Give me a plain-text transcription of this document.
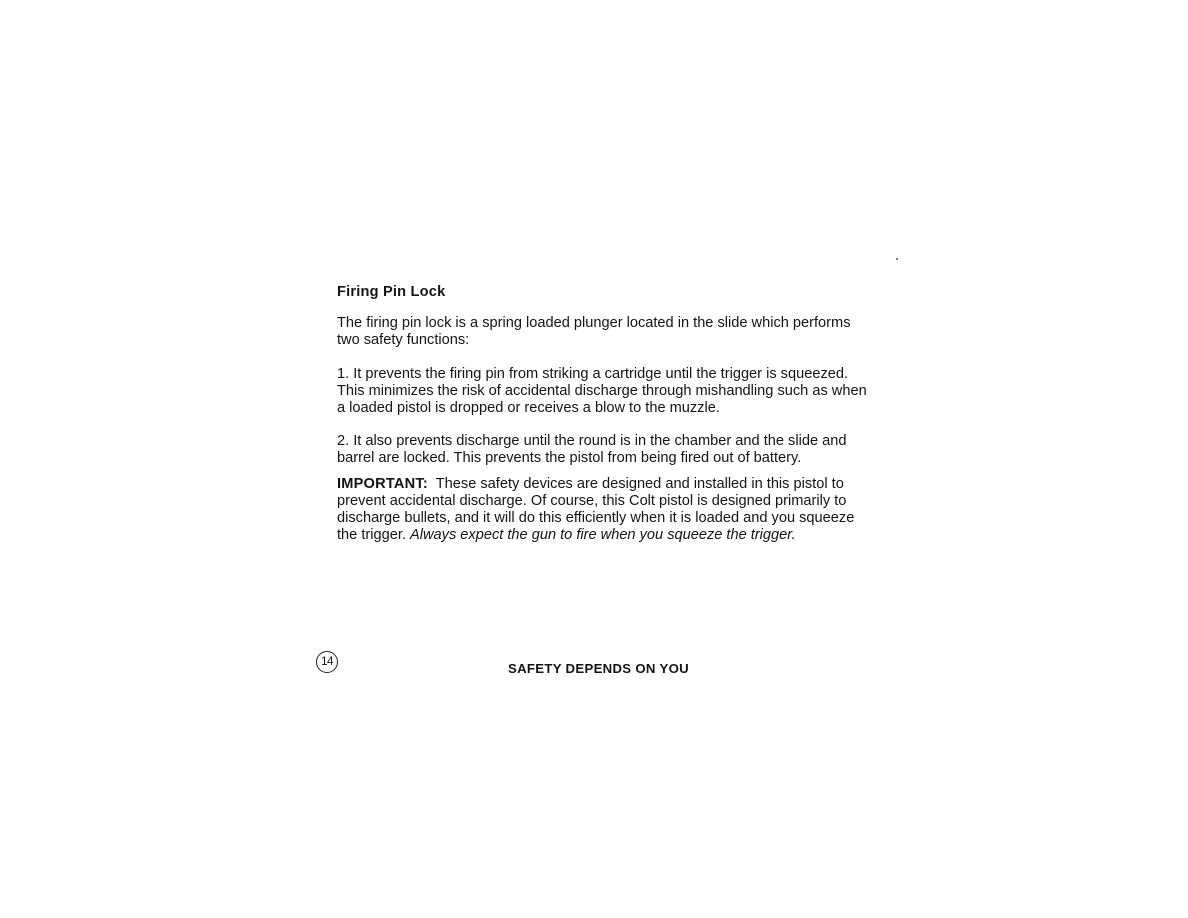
Firing Pin Lock

The firing pin lock is a spring loaded plunger located in the slide which performs two safety functions:

1. It prevents the firing pin from striking a cartridge until the trigger is squeezed. This minimizes the risk of accidental discharge through mishandling such as when a loaded pistol is dropped or receives a blow to the muzzle.

2. It also prevents discharge until the round is in the chamber and the slide and barrel are locked. This prevents the pistol from being fired out of battery.

IMPORTANT: These safety devices are designed and installed in this pistol to prevent accidental discharge. Of course, this Colt pistol is designed primarily to discharge bullets, and it will do this efficiently when it is loaded and you squeeze the trigger. Always expect the gun to fire when you squeeze the trigger.

14	SAFETY DEPENDS ON YOU
